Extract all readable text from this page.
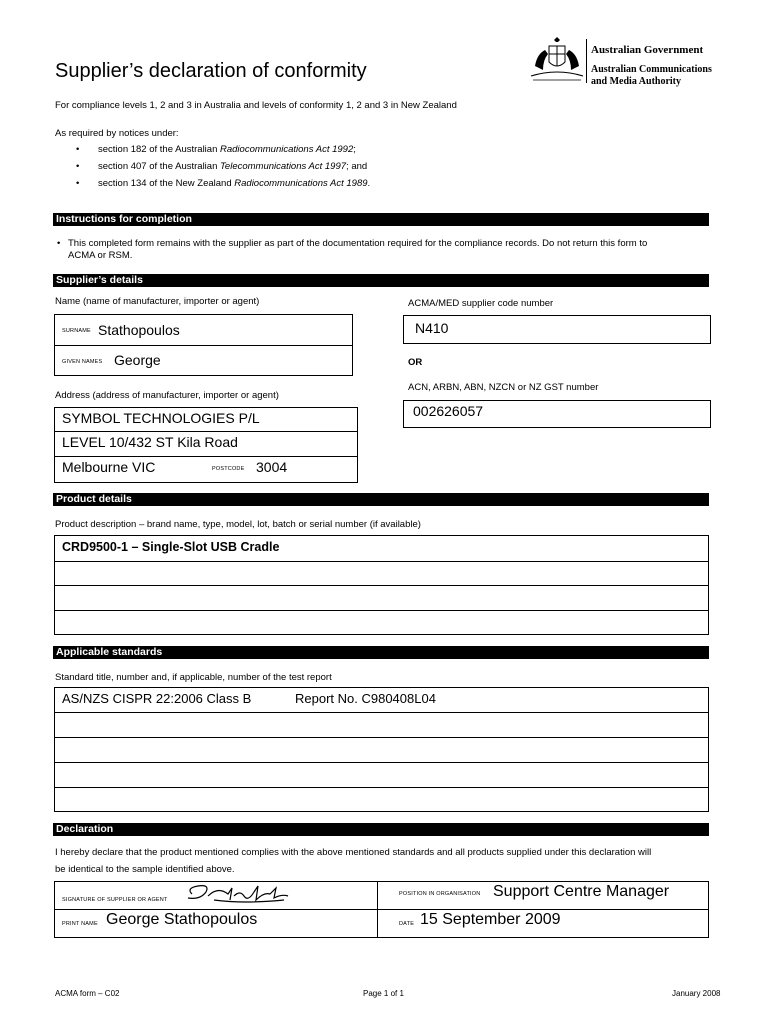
Australian Government
Australian Communications
and Media Authority
Supplier’s declaration of conformity
For compliance levels 1, 2 and 3 in Australia and levels of conformity 1, 2 and 3 in New Zealand
As required by notices under:
• section 182 of the Australian Radiocommunications Act 1992;
• section 407 of the Australian Telecommunications Act 1997; and
• section 134 of the New Zealand Radiocommunications Act 1989.
Instructions for completion
• This completed form remains with the supplier as part of the documentation required for the compliance records. Do not return this form to
ACMA or RSM.
Supplier’s details
Name (name of manufacturer, importer or agent)	ACMA/MED supplier code number
SURNAME Stathopoulos
GIVEN NAMES George
N410
OR
ACN, ARBN, ABN, NZCN or NZ GST number
002626057
Address (address of manufacturer, importer or agent)
SYMBOL TECHNOLOGIES P/L
LEVEL 10/432 ST Kila Road
Melbourne VIC	POSTCODE 3004
Product details
Product description – brand name, type, model, lot, batch or serial number (if available)
CRD9500-1 – Single-Slot USB Cradle
Applicable standards
Standard title, number and, if applicable, number of the test report
AS/NZS CISPR 22:2006 Class B	Report No. C980408L04
Declaration
I hereby declare that the product mentioned complies with the above mentioned standards and all products supplied under this declaration will
be identical to the sample identified above.
SIGNATURE OF SUPPLIER OR AGENT
POSITION IN ORGANISATION Support Centre Manager
PRINT NAME George Stathopoulos	DATE 15 September 2009
ACMA form – C02	Page 1 of 1	January 2008
